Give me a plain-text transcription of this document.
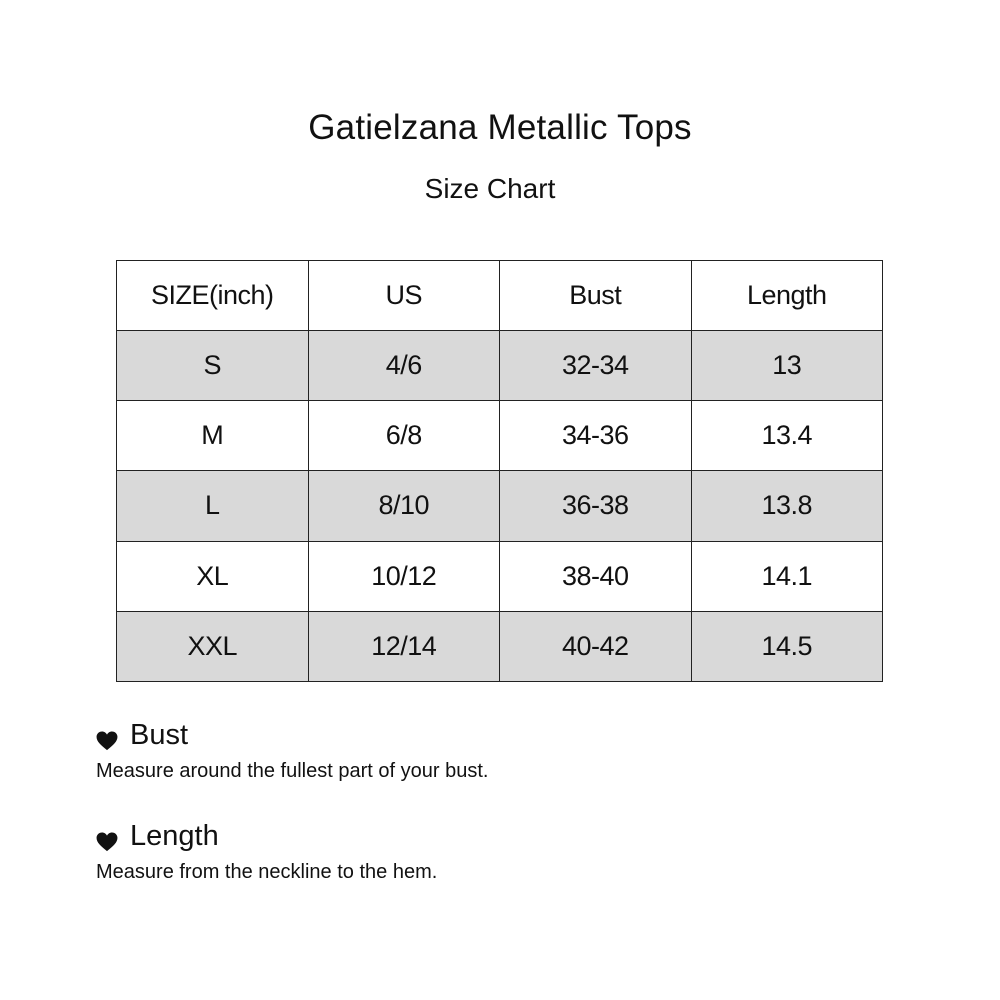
Gatielzana Metallic Tops
Size Chart
SIZE(inch)	US	Bust	Length
S	4/6	32-34	13
M	6/8	34-36	13.4
L	8/10	36-38	13.8
XL	10/12	38-40	14.1
XXL	12/14	40-42	14.5
Bust
Measure around the fullest part of your bust.
Length
Measure from the neckline to the hem.
